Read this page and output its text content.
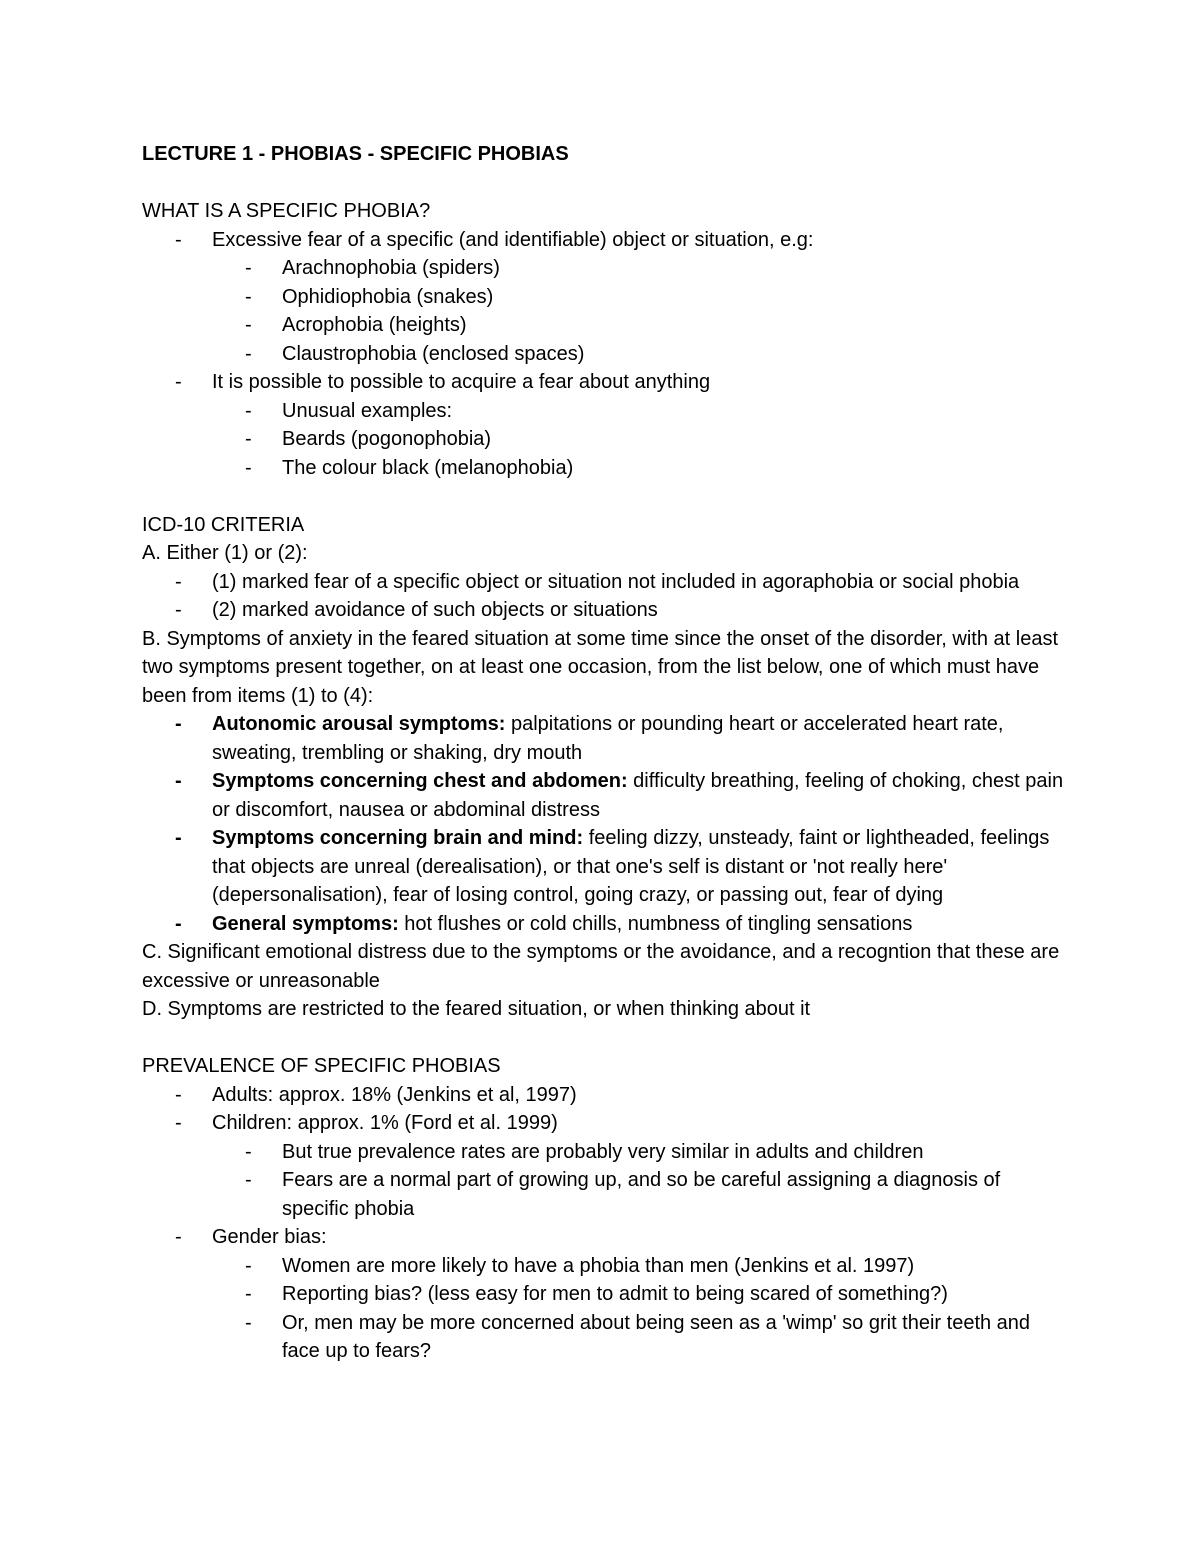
LECTURE 1 - PHOBIAS - SPECIFIC PHOBIAS

WHAT IS A SPECIFIC PHOBIA?

- Excessive fear of a specific (and identifiable) object or situation, e.g:
- Arachnophobia (spiders)
- Ophidiophobia (snakes)
- Acrophobia (heights)
- Claustrophobia (enclosed spaces)
- It is possible to possible to acquire a fear about anything
- Unusual examples:
- Beards (pogonophobia)
- The colour black (melanophobia)

ICD-10 CRITERIA

A. Either (1) or (2):

- (1) marked fear of a specific object or situation not included in agoraphobia or social phobia
- (2) marked avoidance of such objects or situations

B. Symptoms of anxiety in the feared situation at some time since the onset of the disorder, with at least two symptoms present together, on at least one occasion, from the list below, one of which must have been from items (1) to (4):

- Autonomic arousal symptoms: palpitations or pounding heart or accelerated heart rate, sweating, trembling or shaking, dry mouth
- Symptoms concerning chest and abdomen: difficulty breathing, feeling of choking, chest pain or discomfort, nausea or abdominal distress
- Symptoms concerning brain and mind: feeling dizzy, unsteady, faint or lightheaded, feelings that objects are unreal (derealisation), or that one's self is distant or 'not really here' (depersonalisation), fear of losing control, going crazy, or passing out, fear of dying
- General symptoms: hot flushes or cold chills, numbness of tingling sensations

C. Significant emotional distress due to the symptoms or the avoidance, and a recogntion that these are excessive or unreasonable

D. Symptoms are restricted to the feared situation, or when thinking about it

PREVALENCE OF SPECIFIC PHOBIAS

- Adults: approx. 18% (Jenkins et al, 1997)
- Children: approx. 1% (Ford et al. 1999)
- But true prevalence rates are probably very similar in adults and children
- Fears are a normal part of growing up, and so be careful assigning a diagnosis of specific phobia
- Gender bias:
- Women are more likely to have a phobia than men (Jenkins et al. 1997)
- Reporting bias? (less easy for men to admit to being scared of something?)
- Or, men may be more concerned about being seen as a 'wimp' so grit their teeth and face up to fears?
